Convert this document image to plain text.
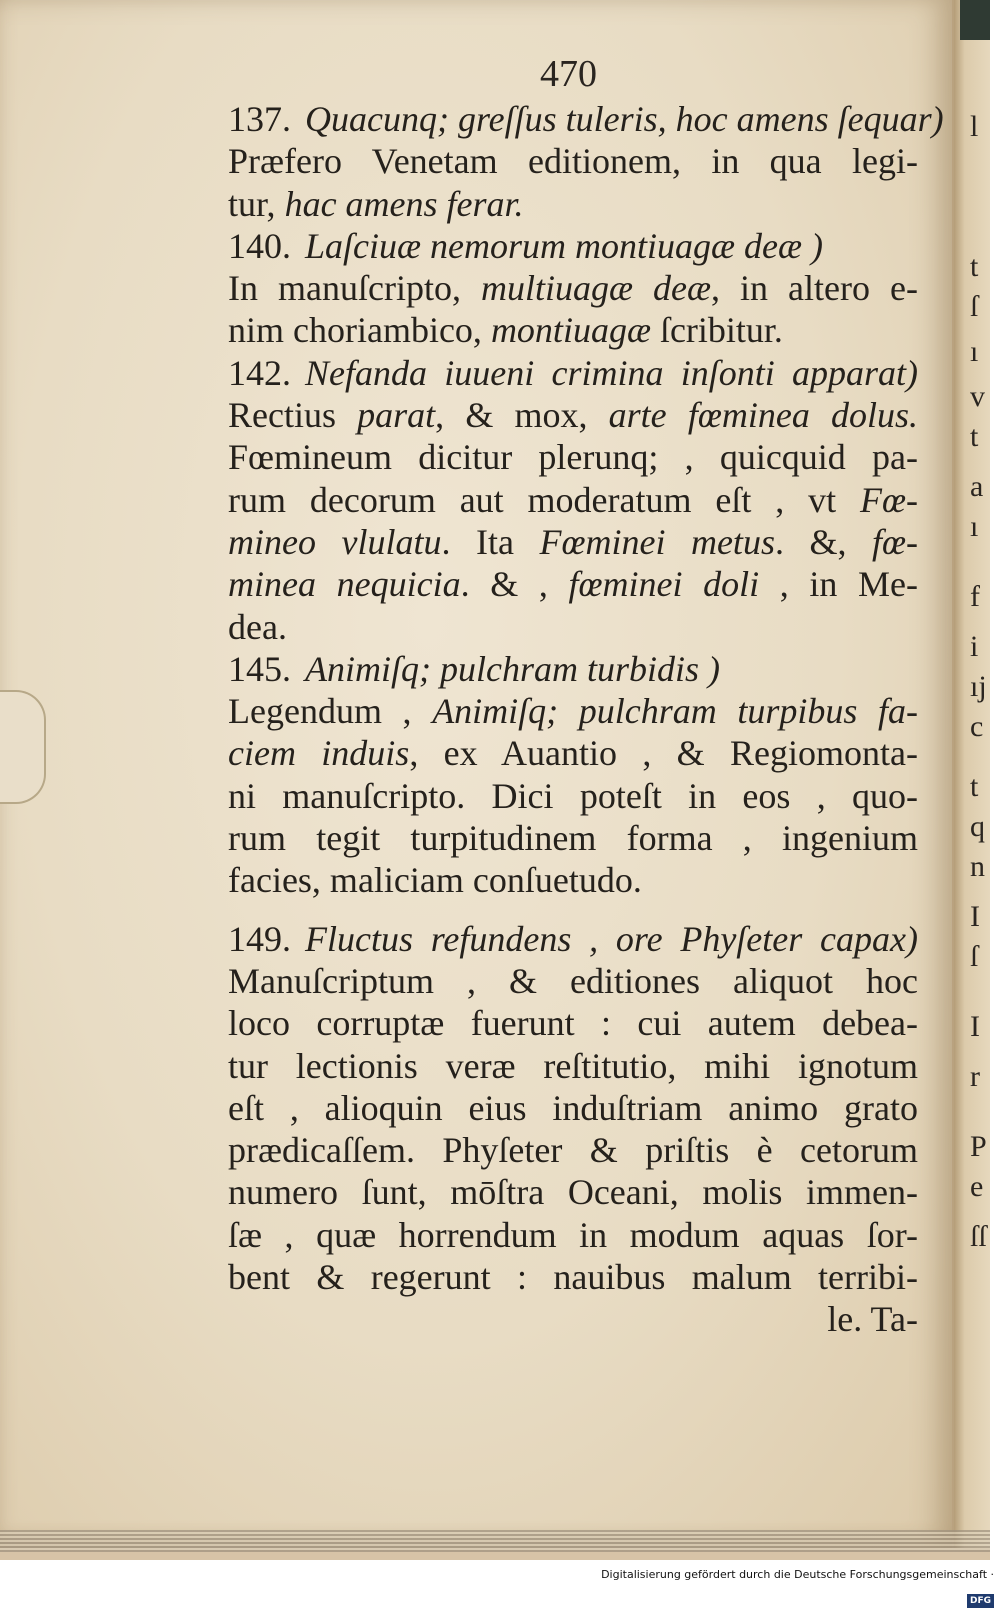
470
137. Quacunq; greſſus tuleris, hoc amens ſequar)
Præfero Venetam editionem, in qua legi-
tur, hac amens ferar.
140. Laſciuæ nemorum montiuagæ deæ )
In manuſcripto, multiuagæ deæ, in altero e-
nim choriambico, montiuagæ ſcribitur.
142. Nefanda iuueni crimina inſonti apparat)
Rectius parat, & mox, arte fœminea dolus.
Fœmineum dicitur plerunq; , quicquid pa-
rum decorum aut moderatum eſt , vt Fœ-
mineo vlulatu. Ita Fœminei metus. &, fœ-
minea nequicia. & , fœminei doli , in Me-
dea.
145. Animiſq; pulchram turbidis )
Legendum , Animiſq; pulchram turpibus fa-
ciem induis, ex Auantio , & Regiomonta-
ni manuſcripto. Dici poteſt in eos , quo-
rum tegit turpitudinem forma , ingenium
facies, maliciam conſuetudo.
149. Fluctus refundens , ore Phyſeter capax)
Manuſcriptum , & editiones aliquot hoc
loco corruptæ fuerunt : cui autem debea-
tur lectionis veræ reſtitutio, mihi ignotum
eſt , alioquin eius induſtriam animo grato
prædicaſſem. Phyſeter & priſtis è cetorum
numero ſunt, mōſtra Oceani, molis immen-
ſæ , quæ horrendum in modum aquas ſor-
bent & regerunt : nauibus malum terribi-
le. Ta-
l
t
ſ
ı
v
t
a
ı
f
i
ıj
c
t
q
n
I
ſ
I
r
P
e
ſſ
Digitalisierung gefördert durch die Deutsche Forschungsgemeinschaft ·DFG
